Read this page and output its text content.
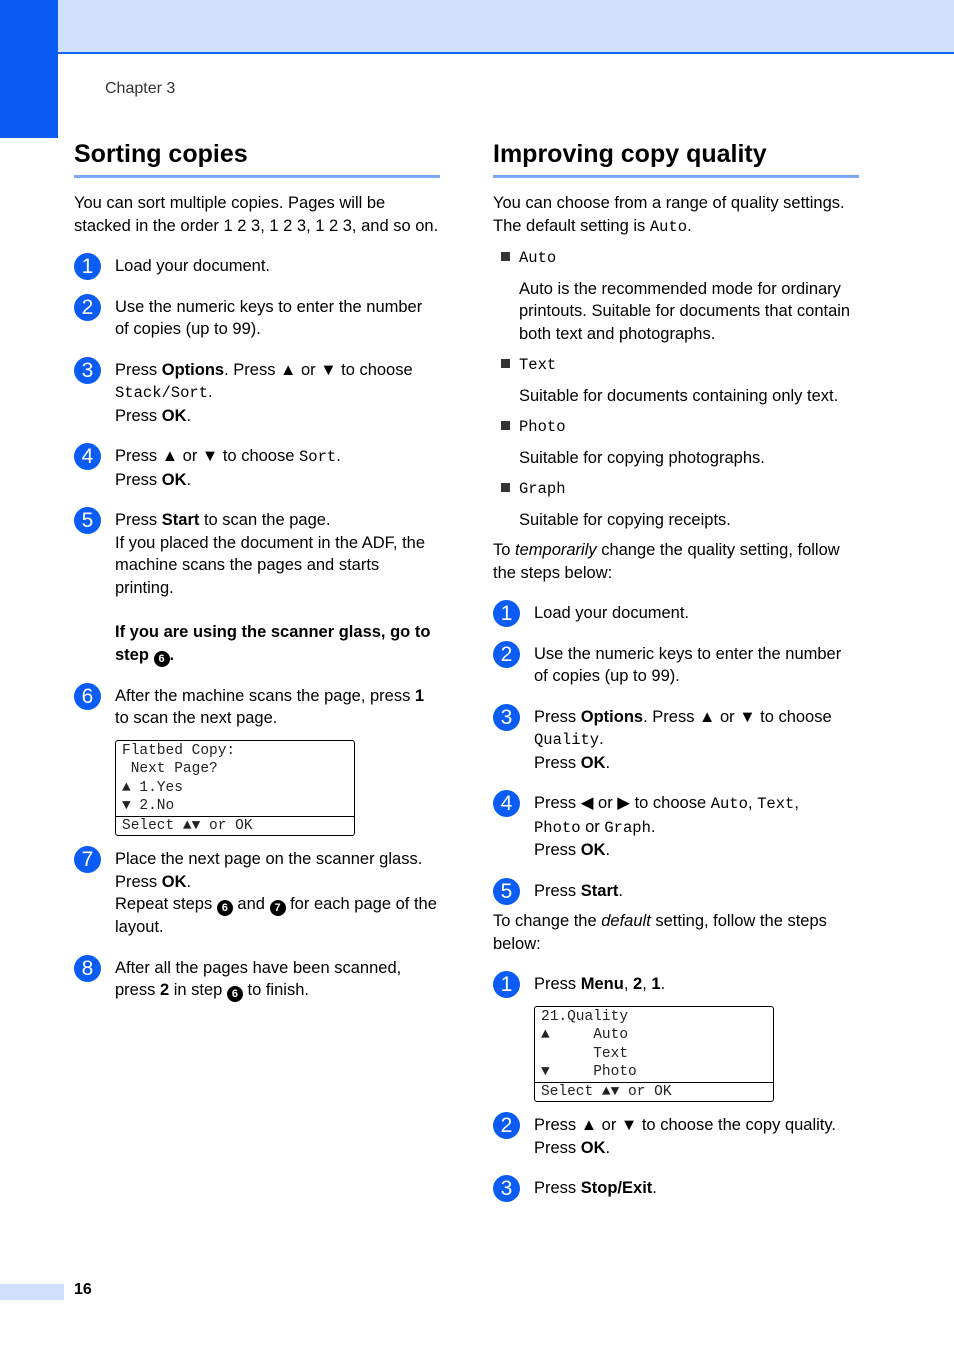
Chapter 3
Sorting copies

You can sort multiple copies. Pages will be stacked in the order 1 2 3, 1 2 3, 1 2 3, and so on.

1	Load your document.
2	Use the numeric keys to enter the number of copies (up to 99).
3	Press Options. Press ▲ or ▼ to choose
Stack/Sort.
Press OK.
4	Press ▲ or ▼ to choose Sort.
Press OK.
5	Press Start to scan the page.
If you placed the document in the ADF, the machine scans the pages and starts printing.
If you are using the scanner glass, go to step 6 .
6	After the machine scans the page, press 1 to scan the next page.
Flatbed Copy:
Next Page?
▲ 1.Yes
▼ 2.No
Select ▲▼ or OK
7	Place the next page on the scanner glass.
Press OK.
Repeat steps 6 and 7 for each page of the layout.
8	After all the pages have been scanned, press 2 in step 6 to finish.
Improving copy quality

You can choose from a range of quality settings. The default setting is Auto.

Auto
Auto is the recommended mode for ordinary printouts. Suitable for documents that contain both text and photographs.
Text
Suitable for documents containing only text.
Photo
Suitable for copying photographs.
Graph
Suitable for copying receipts.

To temporarily change the quality setting, follow the steps below:

1	Load your document.
2	Use the numeric keys to enter the number of copies (up to 99).
3	Press Options. Press ▲ or ▼ to choose
Quality.
Press OK.
4	Press ◀ or ▶ to choose Auto, Text,
Photo or Graph.
Press OK.
5	Press Start.

To change the default setting, follow the steps below:

1	Press Menu, 2, 1.
21.Quality
▲     Auto
Text
▼     Photo
Select ▲▼ or OK
2	Press ▲ or ▼ to choose the copy quality.
Press OK.
3	Press Stop/Exit.
16
